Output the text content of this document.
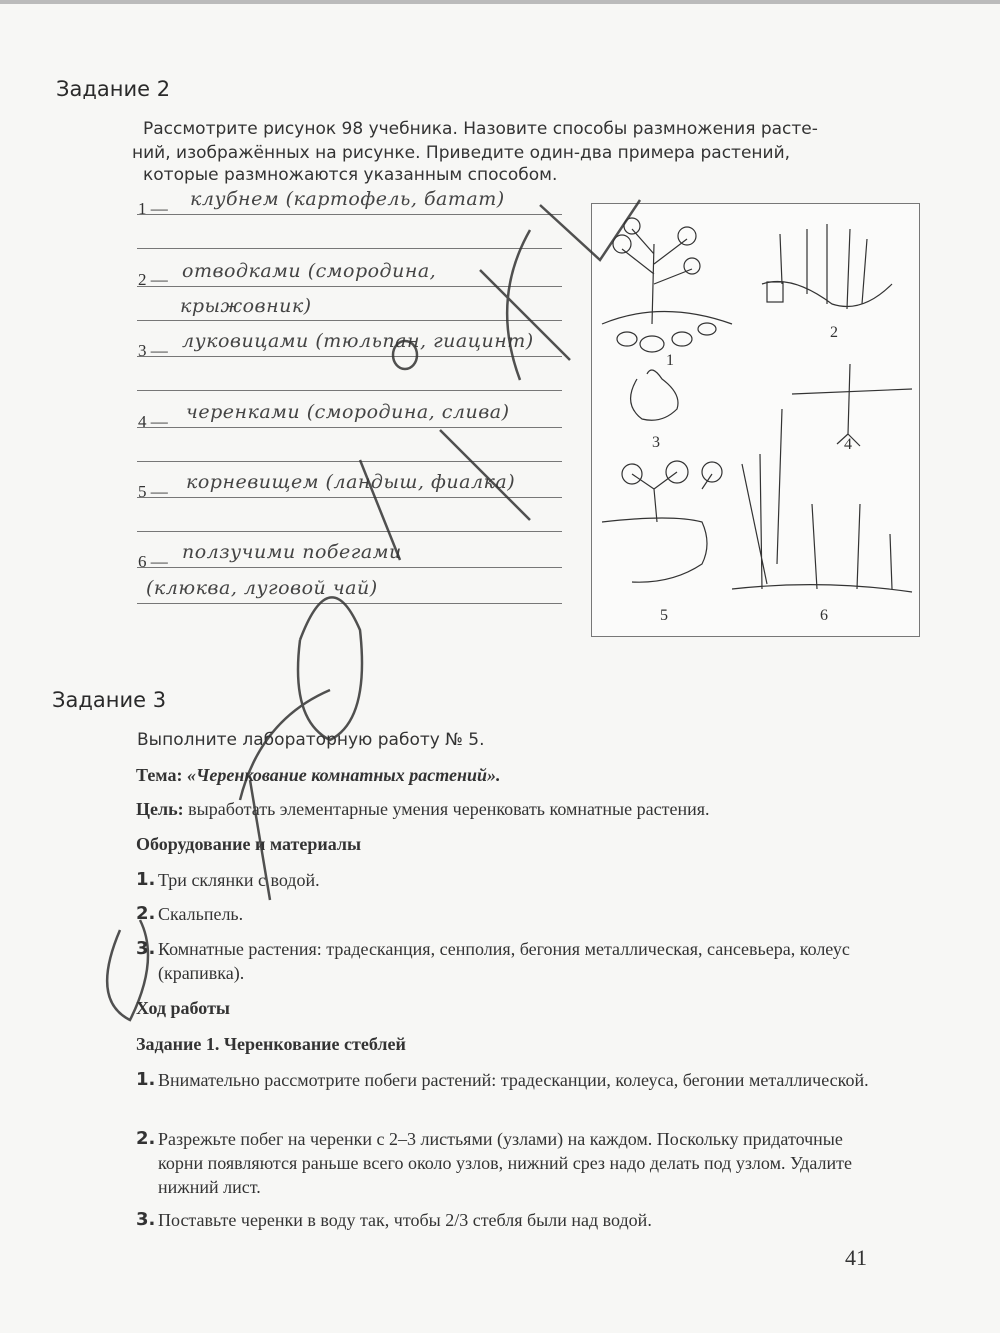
Задание 2
Рассмотрите рисунок 98 учебника. Назовите способы размножения расте-
ний, изображённых на рисунке. Приведите один-два примера растений,
которые размножаются указанным способом.
1 — клубнем (картофель, батат)
2 — отводками (смородина,
крыжовник)
3 — луковицами (тюльпан, гиацинт)
4 — черенками (смородина, слива)
5 — корневищем (ландыш, фиалка)
6 — ползучими побегами
(клюква, луговой чай)
1
2
3	4
5	6
Задание 3
Выполните лабораторную работу № 5.
Тема: «Черенкование комнатных растений».
Цель: выработать элементарные умения черенковать комнатные растения.
Оборудование и материалы
1. Три склянки с водой.
2. Скальпель.
3. Комнатные растения: традесканция, сенполия, бегония металлическая, сансевьера, колеус (крапивка).
Ход работы
Задание 1. Черенкование стеблей
1. Внимательно рассмотрите побеги растений: традесканции, колеуса, бегонии металлической.
2. Разрежьте побег на черенки с 2–3 листьями (узлами) на каждом. Поскольку придаточные корни появляются раньше всего около узлов, нижний срез надо делать под узлом. Удалите нижний лист.
3. Поставьте черенки в воду так, чтобы 2/3 стебля были над водой.
41
